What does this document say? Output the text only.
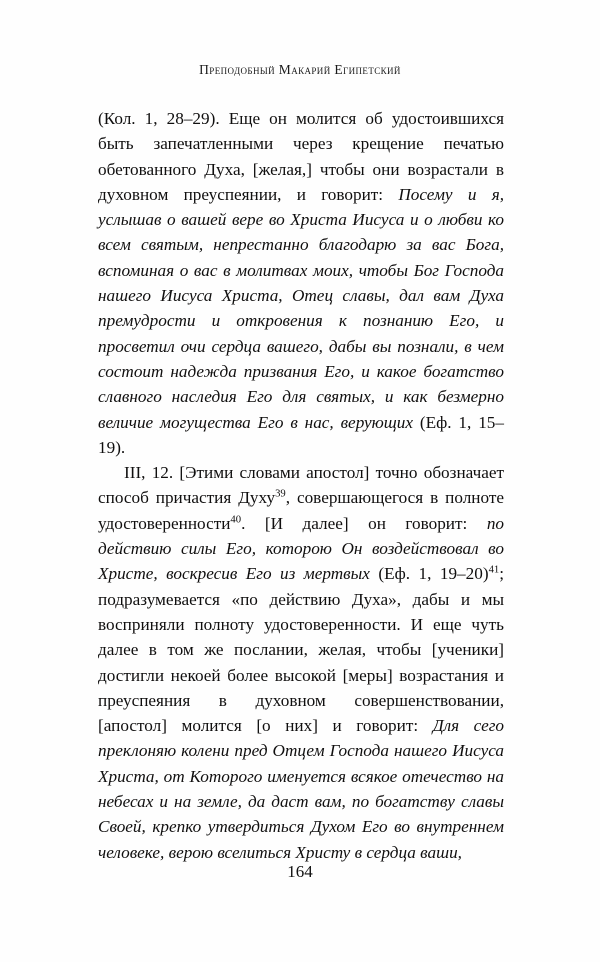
Преподобный Макарий Египетский

(Кол. 1, 28–29). Еще он молится об удостоившихся быть запечатленными через крещение печатью обетованного Духа, [желая,] чтобы они возрастали в духовном преуспеянии, и говорит: Посему и я, услышав о вашей вере во Христа Иисуса и о любви ко всем святым, непрестанно благодарю за вас Бога, вспоминая о вас в молитвах моих, чтобы Бог Господа нашего Иисуса Христа, Отец славы, дал вам Духа премудрости и откровения к познанию Его, и просветил очи сердца вашего, дабы вы познали, в чем состоит надежда призвания Его, и какое богатство славного наследия Его для святых, и как безмерно величие могущества Его в нас, верующих (Еф. 1, 15–19).

III, 12. [Этими словами апостол] точно обозначает способ причастия Духу$^{39}$, совершающегося в полноте удостоверенности$^{40}$. [И далее] он говорит: по действию силы Его, которою Он воздействовал во Христе, воскресив Его из мертвых (Еф. 1, 19–20)$^{41}$; подразумевается «по действию Духа», дабы и мы восприняли полноту удостоверенности. И еще чуть далее в том же послании, желая, чтобы [ученики] достигли некоей более высокой [меры] возрастания и преуспеяния в духовном совершенствовании, [апостол] молится [о них] и говорит: Для сего преклоняю колени пред Отцем Господа нашего Иисуса Христа, от Которого именуется всякое отечество на небесах и на земле, да даст вам, по богатству славы Своей, крепко утвердиться Духом Его во внутреннем человеке, верою вселиться Христу в сердца ваши,

164
